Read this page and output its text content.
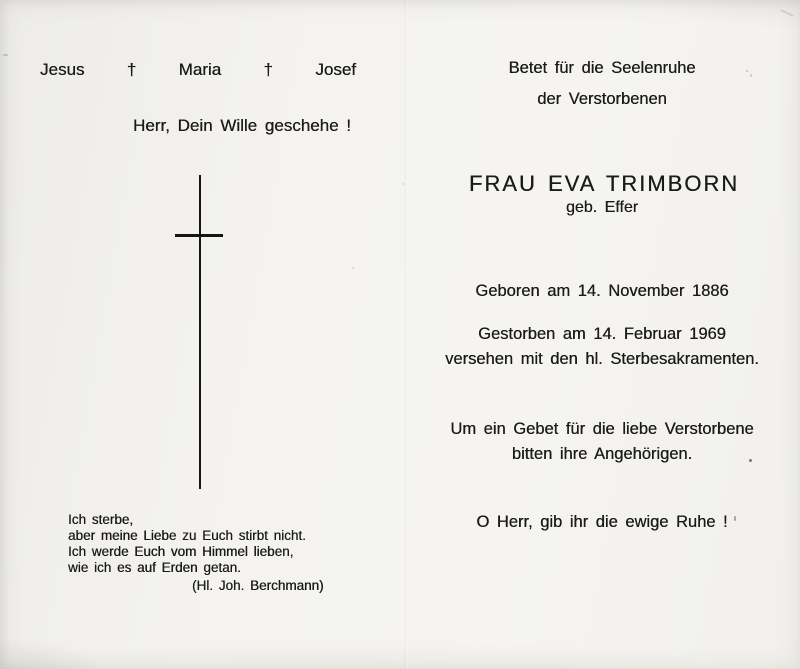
Jesus † Maria † Josef
Herr, Dein Wille geschehe !
Ich sterbe,
aber meine Liebe zu Euch stirbt nicht.
Ich werde Euch vom Himmel lieben,
wie ich es auf Erden getan.
(Hl. Joh. Berchmann)
Betet für die Seelenruhe
der Verstorbenen
FRAU EVA TRIMBORN
geb. Effer
Geboren am 14. November 1886
Gestorben am 14. Februar 1969
versehen mit den hl. Sterbesakramenten.
Um ein Gebet für die liebe Verstorbene
bitten ihre Angehörigen.
O Herr, gib ihr die ewige Ruhe !
